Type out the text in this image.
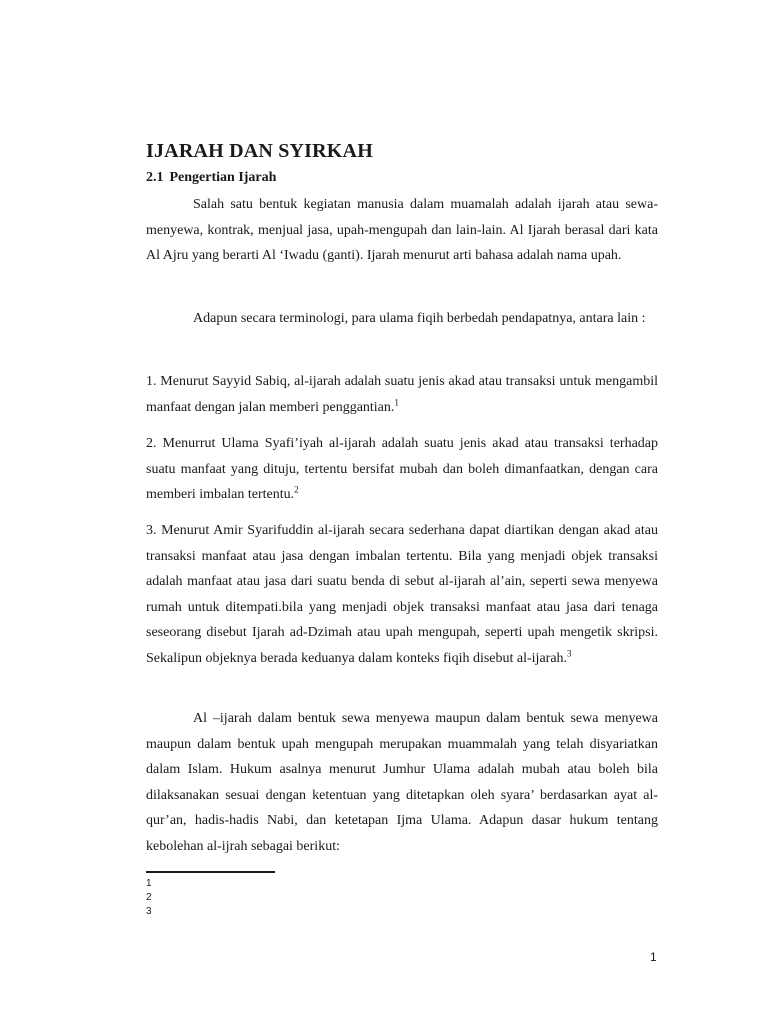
IJARAH DAN SYIRKAH
2.1 Pengertian Ijarah

Salah satu bentuk kegiatan manusia dalam muamalah adalah ijarah atau sewa-menyewa, kontrak, menjual jasa, upah-mengupah dan lain-lain. Al Ijarah berasal dari kata Al Ajru yang berarti Al ‘Iwadu (ganti). Ijarah menurut arti bahasa adalah nama upah.

Adapun secara terminologi, para ulama fiqih berbedah pendapatnya, antara lain :

1. Menurut Sayyid Sabiq, al-ijarah adalah suatu jenis akad atau transaksi untuk mengambil manfaat dengan jalan memberi penggantian.$^1$

2. Menurrut Ulama Syafi’iyah al-ijarah adalah suatu jenis akad atau transaksi terhadap suatu manfaat yang dituju, tertentu bersifat mubah dan boleh dimanfaatkan, dengan cara memberi imbalan tertentu.$^2$

3. Menurut Amir Syarifuddin al-ijarah secara sederhana dapat diartikan dengan akad atau transaksi manfaat atau jasa dengan imbalan tertentu. Bila yang menjadi objek transaksi adalah manfaat atau jasa dari suatu benda di sebut al-ijarah al’ain, seperti sewa menyewa rumah untuk ditempati.bila yang menjadi objek transaksi manfaat atau jasa dari tenaga seseorang disebut Ijarah ad-Dzimah atau upah mengupah, seperti upah mengetik skripsi. Sekalipun objeknya berada keduanya dalam konteks fiqih disebut al-ijarah.$^3$

Al –ijarah dalam bentuk sewa menyewa maupun dalam bentuk sewa menyewa maupun dalam bentuk upah mengupah merupakan muammalah yang telah disyariatkan dalam Islam. Hukum asalnya menurut Jumhur Ulama adalah mubah atau boleh bila dilaksanakan sesuai dengan ketentuan yang ditetapkan oleh syara’ berdasarkan ayat al-qur’an, hadis-hadis Nabi, dan ketetapan Ijma Ulama. Adapun dasar hukum tentang kebolehan al-ijrah sebagai berikut:

1
2
3
1
